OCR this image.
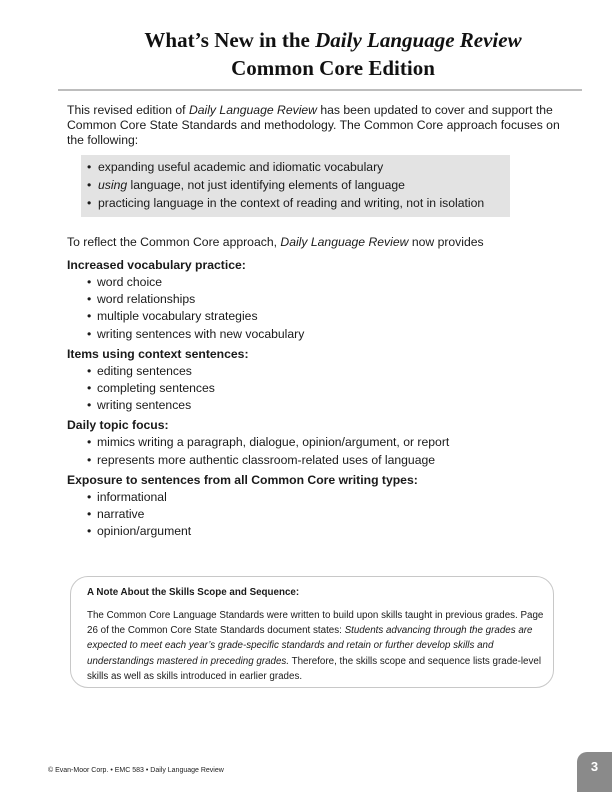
What’s New in the Daily Language Review
Common Core Edition
This revised edition of Daily Language Review has been updated to cover and support the Common Core State Standards and methodology. The Common Core approach focuses on the following:
• expanding useful academic and idiomatic vocabulary
• using language, not just identifying elements of language
• practicing language in the context of reading and writing, not in isolation
To reflect the Common Core approach, Daily Language Review now provides
Increased vocabulary practice:
• word choice
• word relationships
• multiple vocabulary strategies
• writing sentences with new vocabulary
Items using context sentences:
• editing sentences
• completing sentences
• writing sentences
Daily topic focus:
• mimics writing a paragraph, dialogue, opinion/argument, or report
• represents more authentic classroom-related uses of language
Exposure to sentences from all Common Core writing types:
• informational
• narrative
• opinion/argument
A Note About the Skills Scope and Sequence:
The Common Core Language Standards were written to build upon skills taught in previous grades. Page 26 of the Common Core State Standards document states: Students advancing through the grades are expected to meet each year’s grade-specific standards and retain or further develop skills and understandings mastered in preceding grades. Therefore, the skills scope and sequence lists grade-level skills as well as skills introduced in earlier grades.
© Evan-Moor Corp. • EMC 583 • Daily Language Review	3
